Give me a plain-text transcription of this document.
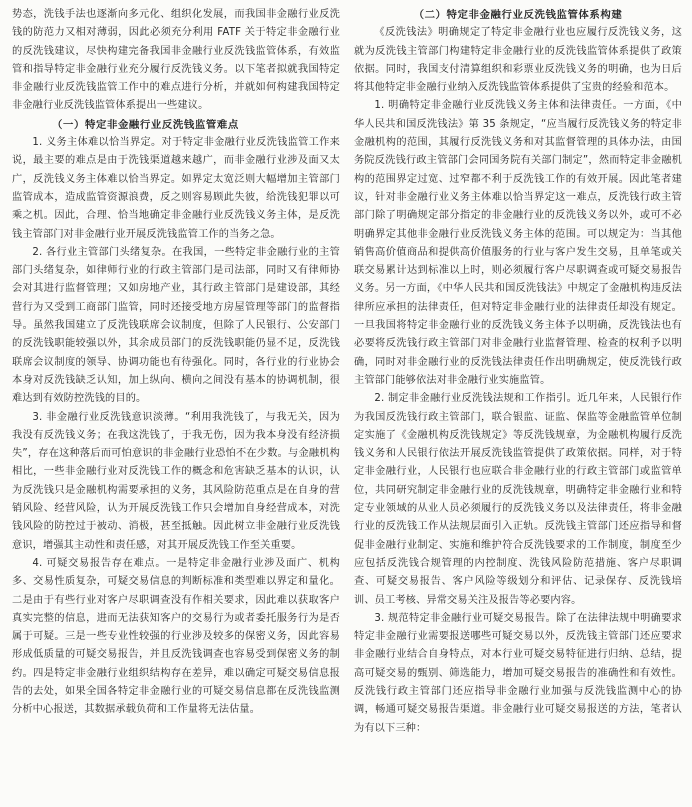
势态，洗钱手法也逐渐向多元化、组织化发展，而我国非金融行业反洗钱的防范力又相对薄弱，因此必须充分利用 FATF 关于特定非金融行业的反洗钱建议，尽快构建完备我国非金融行业反洗钱监管体系，有效监管和指导特定非金融行业充分履行反洗钱义务。以下笔者拟就我国特定非金融行业反洗钱监管工作中的难点进行分析，并就如何构建我国特定非金融行业反洗钱监管体系提出一些建议。

（一）特定非金融行业反洗钱监管难点

1. 义务主体难以恰当界定。对于特定非金融行业反洗钱监管工作来说，最主要的难点是由于洗钱渠道越来越广，而非金融行业涉及面又太广，反洗钱义务主体难以恰当界定。如界定太宽泛则大幅增加主管部门监管成本，造成监管资源浪费，反之则容易顾此失彼，给洗钱犯罪以可乘之机。因此，合理、恰当地确定非金融行业反洗钱义务主体，是反洗钱主管部门对非金融行业开展反洗钱监管工作的当务之急。

2. 各行业主管部门头绪复杂。在我国，一些特定非金融行业的主管部门头绪复杂，如律师行业的行政主管部门是司法部，同时又有律师协会对其进行监督管理；又如房地产业，其行政主管部门是建设部，其经营行为又受到工商部门监管，同时还接受地方房屋管理等部门的监督指导。虽然我国建立了反洗钱联席会议制度，但除了人民银行、公安部门的反洗钱职能较强以外，其余成员部门的反洗钱职能仍显不足，反洗钱联席会议制度的领导、协调功能也有待强化。同时，各行业的行业协会本身对反洗钱缺乏认知，加上纵向、横向之间没有基本的协调机制，很难达到有效防控洗钱的目的。

3. 非金融行业反洗钱意识淡薄。“利用我洗钱了，与我无关，因为我没有反洗钱义务；在我这洗钱了，于我无伤，因为我本身没有经济损失”，存在这种落后而可怕意识的非金融行业恐怕不在少数。与金融机构相比，一些非金融行业对反洗钱工作的概念和危害缺乏基本的认识，认为反洗钱只是金融机构需要承担的义务，其风险防范重点是在自身的营销风险、经营风险，认为开展反洗钱工作只会增加自身经营成本，对洗钱风险的防控过于被动、消极，甚至抵触。因此树立非金融行业反洗钱意识，增强其主动性和责任感，对其开展反洗钱工作至关重要。

4. 可疑交易报告存在难点。一是特定非金融行业涉及面广、机构多、交易性质复杂，可疑交易信息的判断标准和类型难以界定和量化。二是由于有些行业对客户尽职调查没有作相关要求，因此难以获取客户真实完整的信息，进而无法获知客户的交易行为或者委托服务行为是否属于可疑。三是一些专业性较强的行业涉及较多的保密义务，因此容易形成低质量的可疑交易报告，并且反洗钱调查也容易受到保密义务的制约。四是特定非金融行业组织结构存在差异，难以确定可疑交易信息报告的去处，如果全国各特定非金融行业的可疑交易信息都在反洗钱监测分析中心报送，其数据承载负荷和工作量将无法估量。

（二）特定非金融行业反洗钱监管体系构建

《反洗钱法》明确规定了特定非金融行业也应履行反洗钱义务，这就为反洗钱主管部门构建特定非金融行业的反洗钱监管体系提供了政策依据。同时，我国支付清算组织和彩票业反洗钱义务的明确，也为日后将其他特定非金融行业纳入反洗钱监管体系提供了宝贵的经验和范本。

1. 明确特定非金融行业反洗钱义务主体和法律责任。一方面，《中华人民共和国反洗钱法》第 35 条规定，“应当履行反洗钱义务的特定非金融机构的范围，其履行反洗钱义务和对其监督管理的具体办法，由国务院反洗钱行政主管部门会同国务院有关部门制定”，然而特定非金融机构的范围界定过宽、过窄都不利于反洗钱工作的有效开展。因此笔者建议，针对非金融行业义务主体难以恰当界定这一难点，反洗钱行政主管部门除了明确规定部分指定的非金融行业的反洗钱义务以外，或可不必明确界定其他非金融行业反洗钱义务主体的范围。可以规定为：当其他销售高价值商品和提供高价值服务的行业与客户发生交易，且单笔或关联交易累计达到标准以上时，则必须履行客户尽职调查或可疑交易报告义务。另一方面，《中华人民共和国反洗钱法》中规定了金融机构违反法律所应承担的法律责任，但对特定非金融行业的法律责任却没有规定。一旦我国将特定非金融行业的反洗钱义务主体予以明确，反洗钱法也有必要将反洗钱行政主管部门对非金融行业监督管理、检查的权利予以明确，同时对非金融行业的反洗钱法律责任作出明确规定，使反洗钱行政主管部门能够依法对非金融行业实施监管。

2. 制定非金融行业反洗钱法规和工作指引。近几年来，人民银行作为我国反洗钱行政主管部门，联合银监、证监、保监等金融监管单位制定实施了《金融机构反洗钱规定》等反洗钱规章，为金融机构履行反洗钱义务和人民银行依法开展反洗钱监管提供了政策依据。同样，对于特定非金融行业，人民银行也应联合非金融行业的行政主管部门或监管单位，共同研究制定非金融行业的反洗钱规章，明确特定非金融行业和特定专业领域的从业人员必须履行的反洗钱义务以及法律责任，将非金融行业的反洗钱工作从法规层面引入正轨。反洗钱主管部门还应指导和督促非金融行业制定、实施和维护符合反洗钱要求的工作制度，制度至少应包括反洗钱合规管理的内控制度、洗钱风险防范措施、客户尽职调查、可疑交易报告、客户风险等级划分和评估、记录保存、反洗钱培训、员工考核、异常交易关注及报告等必要内容。

3. 规范特定非金融行业可疑交易报告。除了在法律法规中明确要求特定非金融行业需要报送哪些可疑交易以外，反洗钱主管部门还应要求非金融行业结合自身特点，对本行业可疑交易特征进行归纳、总结，提高可疑交易的甄别、筛选能力，增加可疑交易报告的准确性和有效性。反洗钱行政主管部门还应指导非金融行业加强与反洗钱监测中心的协调，畅通可疑交易报告渠道。非金融行业可疑交易报送的方法，笔者认为有以下三种：
